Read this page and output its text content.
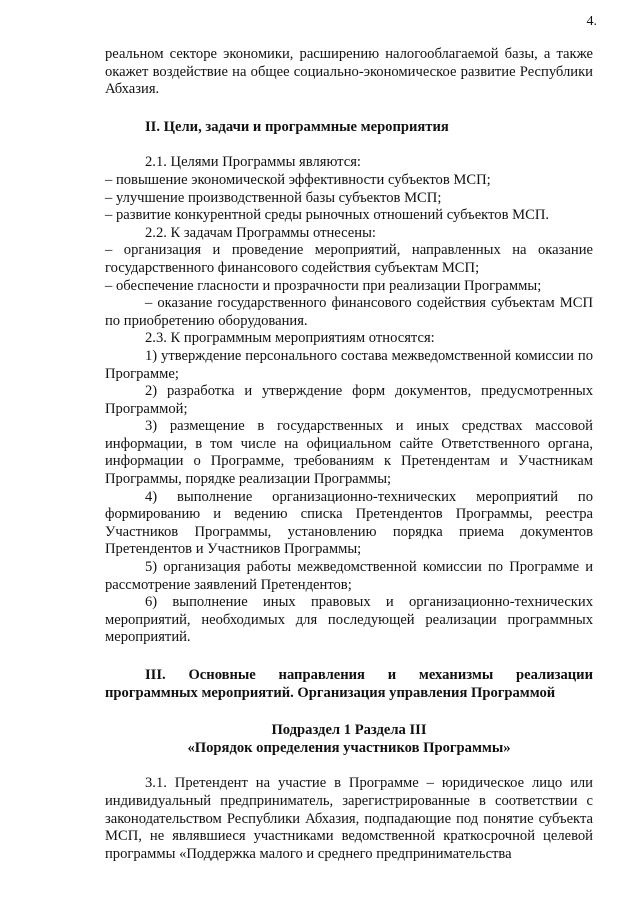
4.

реальном секторе экономики, расширению налогооблагаемой базы, а также окажет воздействие на общее социально-экономическое развитие Республики Абхазия.

II. Цели, задачи и программные мероприятия

2.1. Целями Программы являются:

– повышение экономической эффективности субъектов МСП;

– улучшение производственной базы субъектов МСП;

– развитие конкурентной среды рыночных отношений субъектов МСП.

2.2. К задачам Программы отнесены:

– организация и проведение мероприятий, направленных на оказание государственного финансового содействия субъектам МСП;

– обеспечение гласности и прозрачности при реализации Программы;

– оказание государственного финансового содействия субъектам МСП по приобретению оборудования.

2.3. К программным мероприятиям относятся:

1) утверждение персонального состава межведомственной комиссии по Программе;

2) разработка и утверждение форм документов, предусмотренных Программой;

3) размещение в государственных и иных средствах массовой информации, в том числе на официальном сайте Ответственного органа, информации о Программе, требованиям к Претендентам и Участникам Программы, порядке реализации Программы;

4) выполнение организационно-технических мероприятий по формированию и ведению списка Претендентов Программы, реестра Участников Программы, установлению порядка приема документов Претендентов и Участников Программы;

5) организация работы межведомственной комиссии по Программе и рассмотрение заявлений Претендентов;

6) выполнение иных правовых и организационно-технических мероприятий, необходимых для последующей реализации программных мероприятий.

III. Основные направления и механизмы реализации программных мероприятий. Организация управления Программой

Подраздел 1 Раздела III
«Порядок определения участников Программы»

3.1. Претендент на участие в Программе – юридическое лицо или индивидуальный предприниматель, зарегистрированные в соответствии с законодательством Республики Абхазия, подпадающие под понятие субъекта МСП, не являвшиеся участниками ведомственной краткосрочной целевой программы «Поддержка малого и среднего предпринимательства
